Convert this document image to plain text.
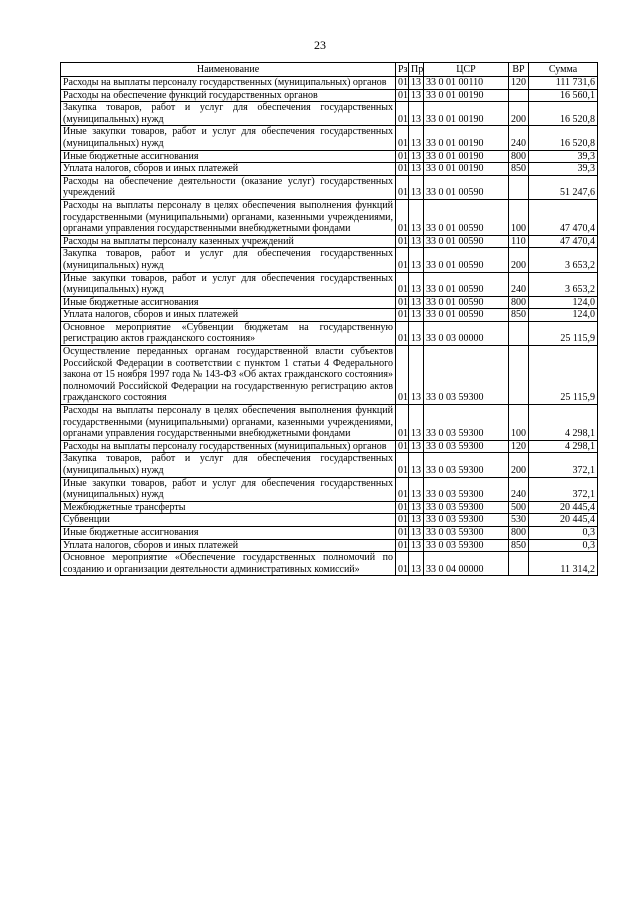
23
Наименование	Рз	Пр	ЦСР	ВР	Сумма
Расходы на выплаты персоналу государственных (муниципальных) органов	01	13	33 0 01 00110	120	111 731,6
Расходы на обеспечение функций государственных органов	01	13	33 0 01 00190		16 560,1
Закупка товаров, работ и услуг для обеспечения государственных (муниципальных) нужд	01	13	33 0 01 00190	200	16 520,8
Иные закупки товаров, работ и услуг для обеспечения государственных (муниципальных) нужд	01	13	33 0 01 00190	240	16 520,8
Иные бюджетные ассигнования	01	13	33 0 01 00190	800	39,3
Уплата налогов, сборов и иных платежей	01	13	33 0 01 00190	850	39,3
Расходы на обеспечение деятельности (оказание услуг) государственных учреждений	01	13	33 0 01 00590		51 247,6
Расходы на выплаты персоналу в целях обеспечения выполнения функций государственными (муниципальными) органами, казенными учреждениями, органами управления государственными внебюджетными фондами	01	13	33 0 01 00590	100	47 470,4
Расходы на выплаты персоналу казенных учреждений	01	13	33 0 01 00590	110	47 470,4
Закупка товаров, работ и услуг для обеспечения государственных (муниципальных) нужд	01	13	33 0 01 00590	200	3 653,2
Иные закупки товаров, работ и услуг для обеспечения государственных (муниципальных) нужд	01	13	33 0 01 00590	240	3 653,2
Иные бюджетные ассигнования	01	13	33 0 01 00590	800	124,0
Уплата налогов, сборов и иных платежей	01	13	33 0 01 00590	850	124,0
Основное мероприятие «Субвенции бюджетам на государственную регистрацию актов гражданского состояния»	01	13	33 0 03 00000		25 115,9
Осуществление переданных органам государственной власти субъектов Российской Федерации в соответствии с пунктом 1 статьи 4 Федерального закона от 15 ноября 1997 года № 143-ФЗ «Об актах гражданского состояния» полномочий Российской Федерации на государственную регистрацию актов гражданского состояния	01	13	33 0 03 59300		25 115,9
Расходы на выплаты персоналу в целях обеспечения выполнения функций государственными (муниципальными) органами, казенными учреждениями, органами управления государственными внебюджетными фондами	01	13	33 0 03 59300	100	4 298,1
Расходы на выплаты персоналу государственных (муниципальных) органов	01	13	33 0 03 59300	120	4 298,1
Закупка товаров, работ и услуг для обеспечения государственных (муниципальных) нужд	01	13	33 0 03 59300	200	372,1
Иные закупки товаров, работ и услуг для обеспечения государственных (муниципальных) нужд	01	13	33 0 03 59300	240	372,1
Межбюджетные трансферты	01	13	33 0 03 59300	500	20 445,4
Субвенции	01	13	33 0 03 59300	530	20 445,4
Иные бюджетные ассигнования	01	13	33 0 03 59300	800	0,3
Уплата налогов, сборов и иных платежей	01	13	33 0 03 59300	850	0,3
Основное мероприятие «Обеспечение государственных полномочий по созданию и организации деятельности административных комиссий»	01	13	33 0 04 00000		11 314,2
